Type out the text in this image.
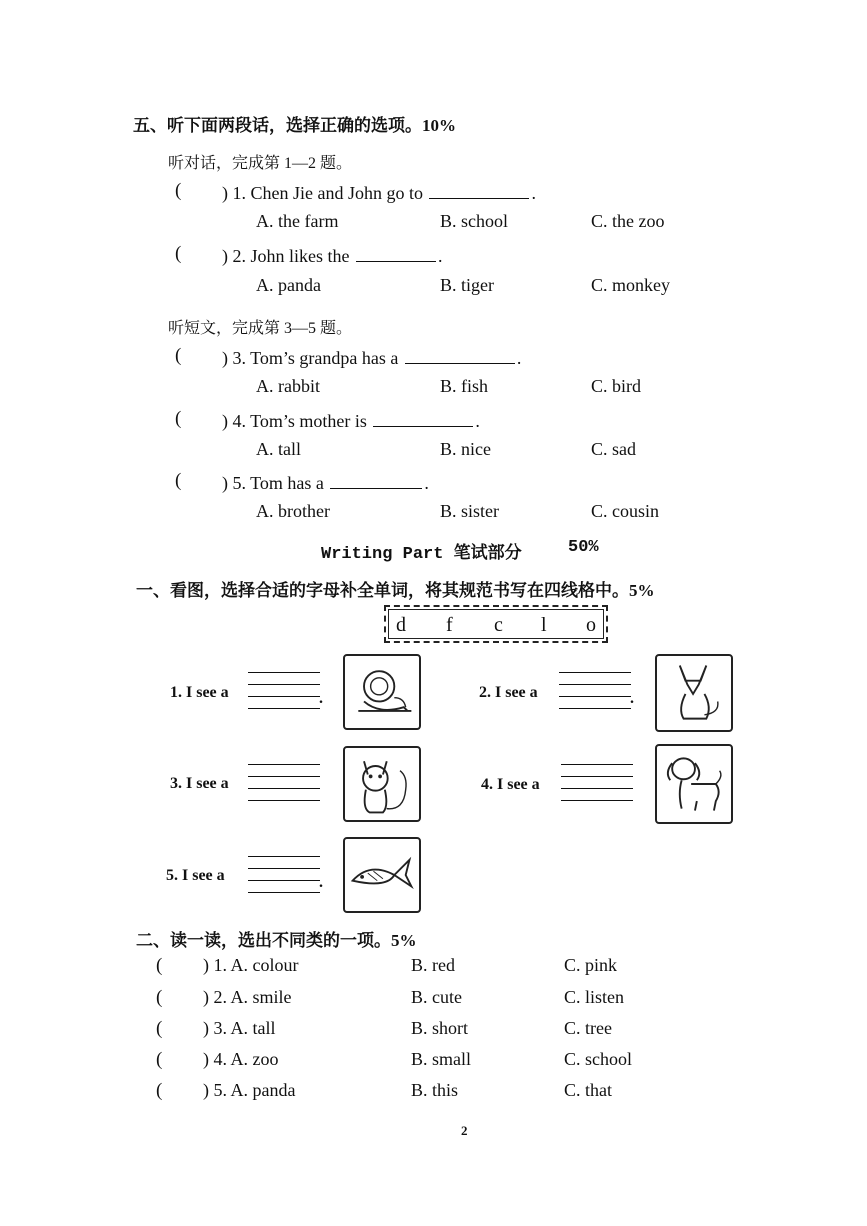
五、听下面两段话，选择正确的选项。10%
听对话，完成第 1—2 题。
( ) 1. Chen Jie and John go to	.
A. the farm	B. school	C. the zoo
( ) 2. John likes the	.
A. panda	B. tiger	C. monkey
听短文，完成第 3—5 题。
( ) 3. Tom’s grandpa has a	.
A. rabbit	B. fish	C. bird
( ) 4. Tom’s mother is	.
A. tall	B. nice	C. sad
( ) 5. Tom has a	.
A. brother	B. sister	C. cousin
Writing Part 笔试部分	50%
一、看图，选择合适的字母补全单词，将其规范书写在四线格中。5%
d f c l o
1. I see a	.	2. I see a	.
3. I see a	4. I see a
5. I see a	.
二、读一读，选出不同类的一项。5%
( ) 1. A. colour	B. red	C. pink
( ) 2. A. smile	B. cute	C. listen
( ) 3. A. tall	B. short	C. tree
( ) 4. A. zoo	B. small	C. school
( ) 5. A. panda	B. this	C. that
2
